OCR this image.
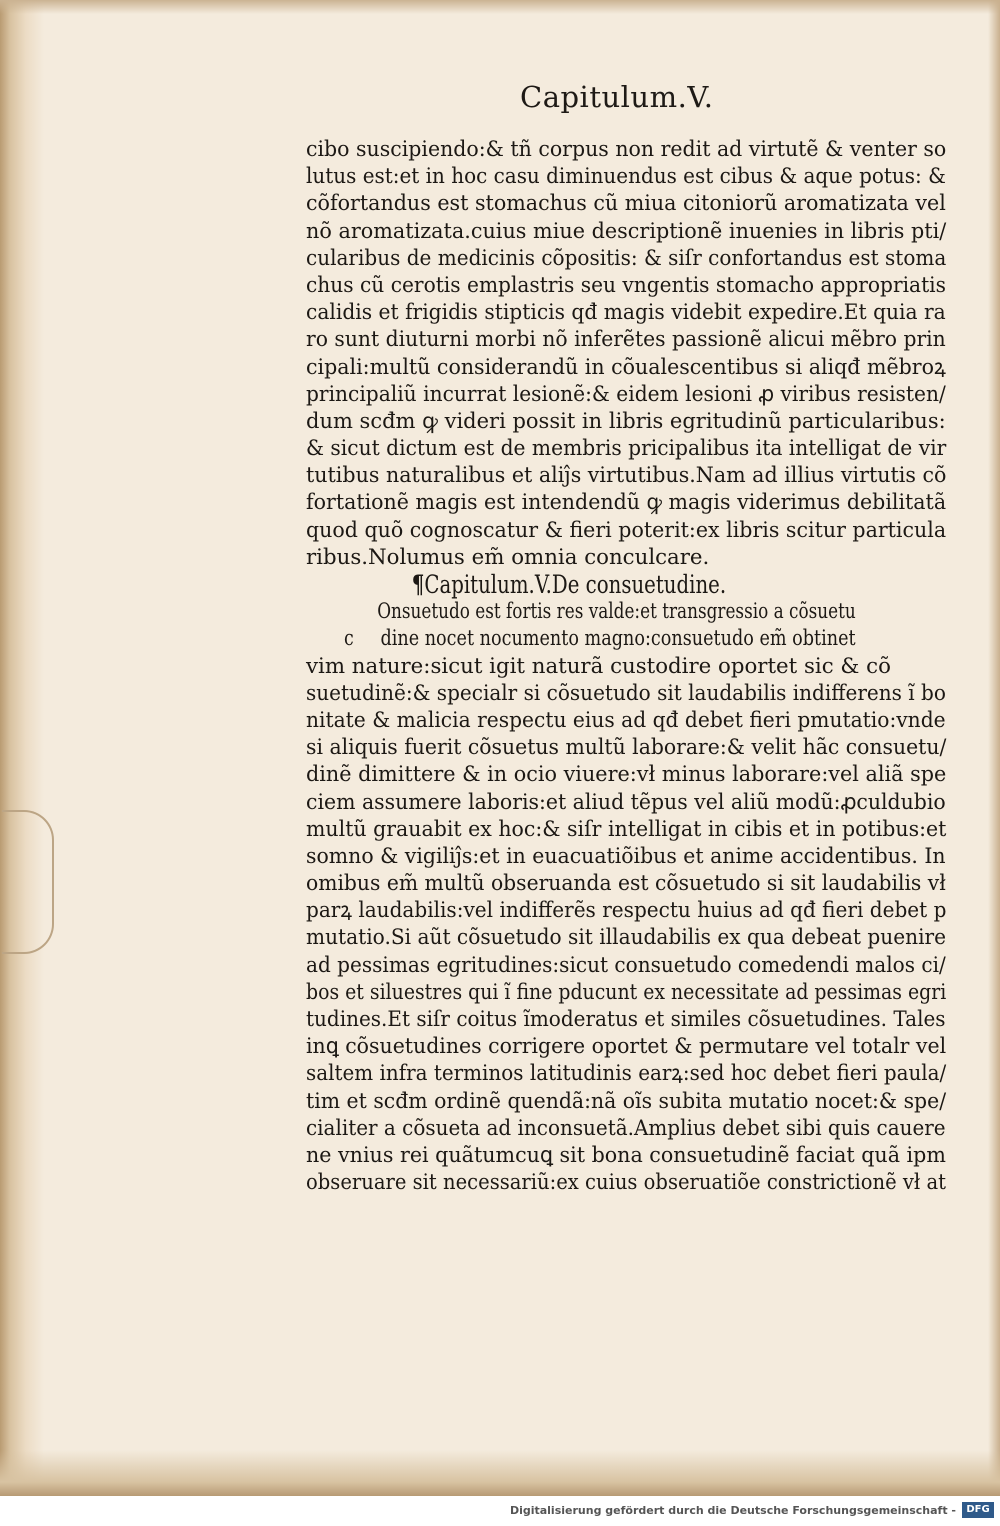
Capitulum.V.
cibo suscipiendo:& tñ corpus non redit ad virtutẽ & venter so
lutus est:et in hoc casu diminuendus est cibus & aque potus: &
cõfortandus est stomachus cũ miua citoniorũ aromatizata vel
nõ aromatizata.cuius miue descriptionẽ inuenies in libris pti/
cularibus de medicinis cõpositis: & siſr confortandus est stoma
chus cũ cerotis emplastris seu vngentis stomacho appropriatis
calidis et frigidis stipticis qđ magis videbit expedire.Et quia ra
ro sunt diuturni morbi nõ inferẽtes passionẽ alicui mẽbro prin
cipali:multũ considerandũ in cõualescentibus si aliqđ mẽbroꝝ
principaliũ incurrat lesionẽ:& eidem lesioni ꝓ viribus resisten/
dum scđm ꝙ videri possit in libris egritudinũ particularibus:
& sicut dictum est de membris pricipalibus ita intelligat de vir
tutibus naturalibus et aliĵs virtutibus.Nam ad illius virtutis cõ
fortationẽ magis est intendendũ ꝙ magis viderimus debilitatã
quod quõ cognoscatur & fieri poterit:ex libris scitur particula
ribus.Nolumus em̃ omnia conculcare.
¶Capitulum.V.De consuetudine.
Onsuetudo est fortis res valde:et transgressio a cõsuetu
c dine nocet nocumento magno:consuetudo em̃ obtinet
vim nature:sicut igit naturã custodire oportet sic & cõ
suetudinẽ:& specialr si cõsuetudo sit laudabilis indifferens ĩ bo
nitate & malicia respectu eius ad qđ debet fieri pmutatio:vnde
si aliquis fuerit cõsuetus multũ laborare:& velit hãc consuetu/
dinẽ dimittere & in ocio viuere:vł minus laborare:vel aliã spe
ciem assumere laboris:et aliud tẽpus vel aliũ modũ:ꝓculdubio
multũ grauabit ex hoc:& siſr intelligat in cibis et in potibus:et
somno & vigiliĵs:et in euacuatiõibus et anime accidentibus. In
omibus em̃ multũ obseruanda est cõsuetudo si sit laudabilis vł
parꝝ laudabilis:vel indifferẽs respectu huius ad qđ fieri debet p
mutatio.Si aũt cõsuetudo sit illaudabilis ex qua debeat puenire
ad pessimas egritudines:sicut consuetudo comedendi malos ci/
bos et siluestres qui ĩ fine pducunt ex necessitate ad pessimas egri
tudines.Et siſr coitus ĩmoderatus et similes cõsuetudines. Tales
inꝗ cõsuetudines corrigere oportet & permutare vel totalr vel
saltem infra terminos latitudinis earꝝ:sed hoc debet fieri paula/
tim et scđm ordinẽ quendã:nã oĩs subita mutatio nocet:& spe/
cialiter a cõsueta ad inconsuetã.Amplius debet sibi quis cauere
ne vnius rei quãtumcuꝗ sit bona consuetudinẽ faciat quã ipm
obseruare sit necessariũ:ex cuius obseruatiõe constrictionẽ vł at
Digitalisierung gefördert durch die Deutsche Forschungsgemeinschaft -	DFG
